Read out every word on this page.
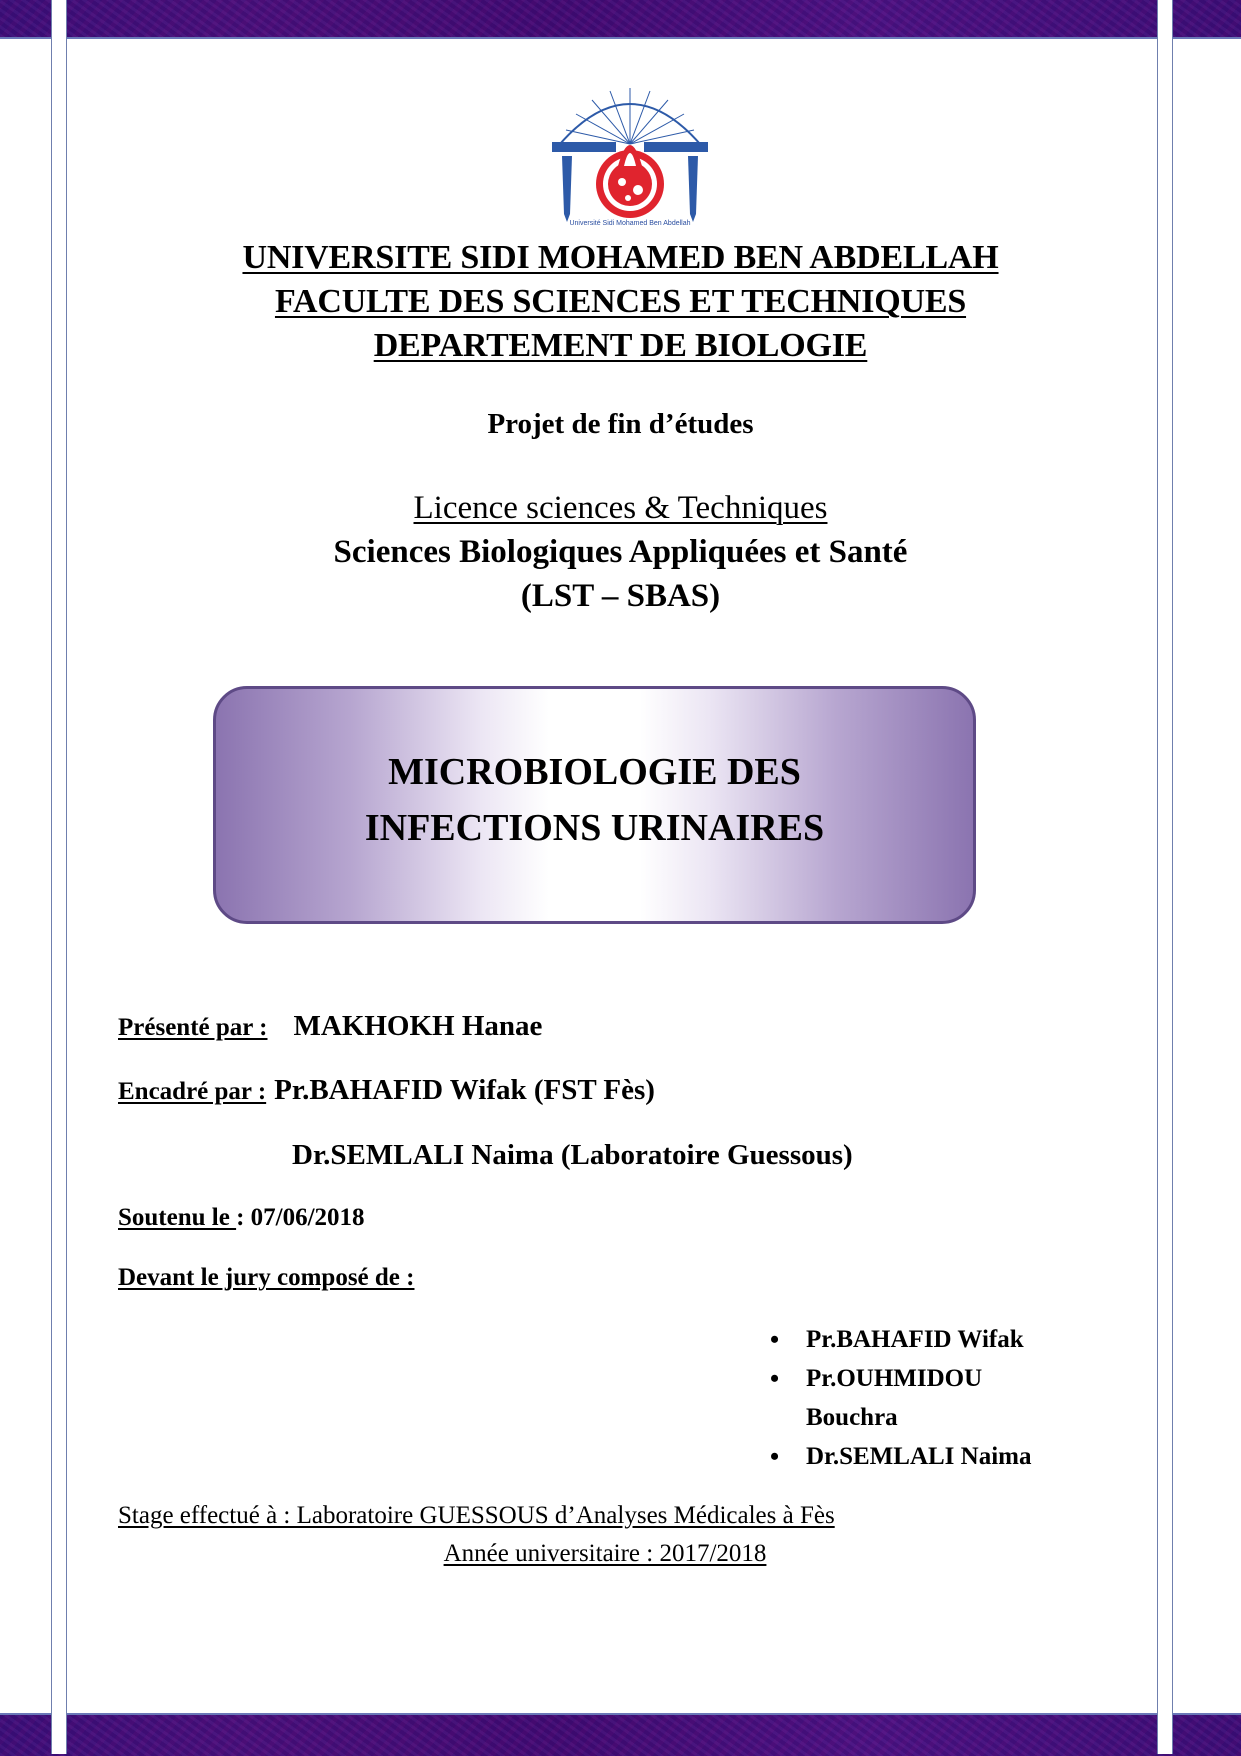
Université Sidi Mohamed Ben Abdellah
UNIVERSITE SIDI MOHAMED BEN ABDELLAH
FACULTE DES SCIENCES ET TECHNIQUES
DEPARTEMENT DE BIOLOGIE
Projet de fin d’études
Licence sciences & Techniques
Sciences Biologiques Appliquées et Santé
(LST – SBAS)
MICROBIOLOGIE DES
INFECTIONS URINAIRES
Présenté par : MAKHOKH Hanae
Encadré par : Pr.BAHAFID Wifak (FST Fès)
Dr.SEMLALI Naima (Laboratoire Guessous)
Soutenu le : 07/06/2018
Devant le jury composé de :
• Pr.BAHAFID Wifak
• Pr.OUHMIDOU Bouchra
• Dr.SEMLALI Naima
Stage effectué à : Laboratoire GUESSOUS d’Analyses Médicales à Fès
Année universitaire : 2017/2018
